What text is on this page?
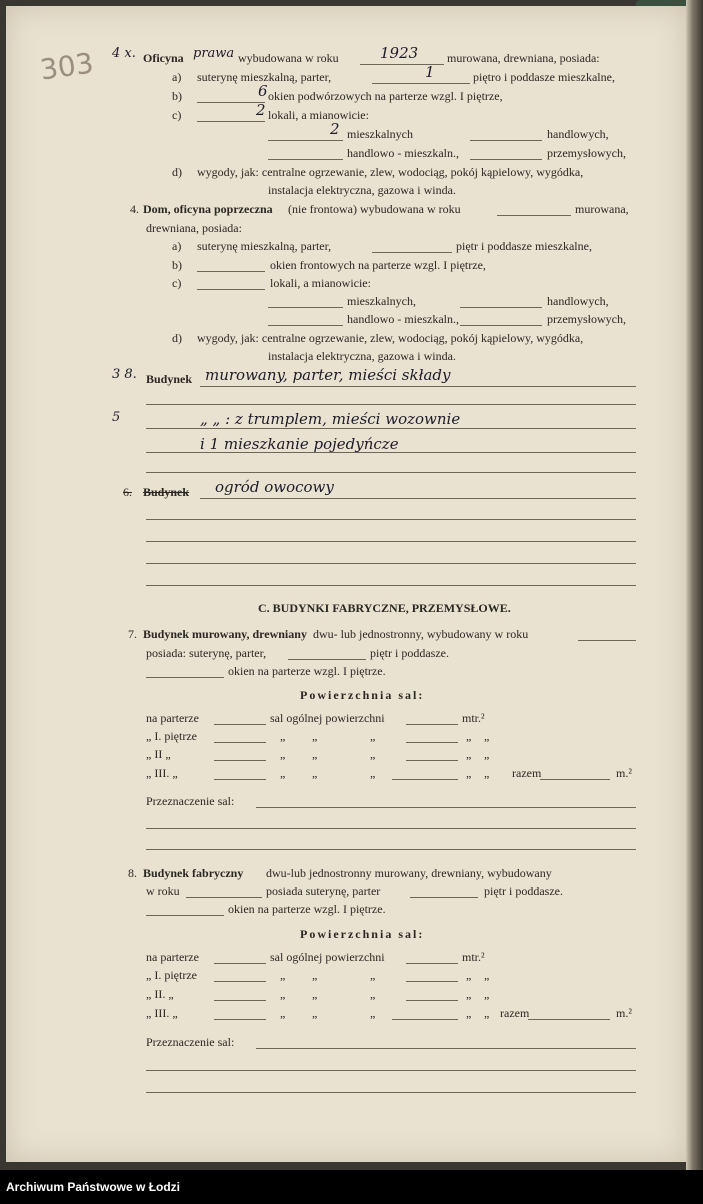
303 4 x. Oficyna prawa wybudowana w roku	1923 murowana, drewniana, posiada:
a) suterynę mieszkalną, parter,	1	piętro i poddasze mieszkalne,
b)	6 okien podwórzowych na parterze wzgl. I piętrze,
c)	2 lokali, a mianowicie:
2 mieszkalnych	handlowych,
handlowo - mieszkaln.,	przemysłowych,
d) wygody, jak: centralne ogrzewanie, zlew, wodociąg, pokój kąpielowy, wygódka,
instalacja elektryczna, gazowa i winda.
4. Dom, oficyna poprzeczna (nie frontowa) wybudowana w roku	murowana,
drewniana, posiada:
a) suterynę mieszkalną, parter,	piętr i poddasze mieszkalne,
b)	okien frontowych na parterze wzgl. I piętrze,
c)	lokali, a mianowicie:
mieszkalnych,	handlowych,
handlowo - mieszkaln.,	przemysłowych,
d) wygody, jak: centralne ogrzewanie, zlew, wodociąg, pokój kąpielowy, wygódka,
instalacja elektryczna, gazowa i winda.
3 8. Budynek murowany, parter, mieści składy
5	„ „ : z trumplem, mieści wozownie
i 1 mieszkanie pojedyńcze
6. Budynek ogród owocowy
C. BUDYNKI FABRYCZNE, PRZEMYSŁOWE.
7. Budynek murowany, drewniany dwu- lub jednostronny, wybudowany w roku
posiada: suterynę, parter,	piętr i poddasze.
okien na parterze wzgl. I piętrze.
Powierzchnia sal:
na parterze	sal ogólnej powierzchni	mtr.²
„ I. piętrze	„ „	„	„ „
„ II „	„ „	„	„ „
„ III. „	„ „	„	„ „ razem	m.²
Przeznaczenie sal:
8. Budynek fabryczny dwu-lub jednostronny murowany, drewniany, wybudowany
w roku	posiada suterynę, parter	piętr i poddasze.
okien na parterze wzgl. I piętrze.
Powierzchnia sal:
na parterze	sal ogólnej powierzchni	mtr.²
„ I. piętrze	„ „	„	„ „
„ II. „	„ „	„	„ „
„ III. „	„ „	„	„ „ razem	m.²
Przeznaczenie sal:
Archiwum Państwowe w Łodzi
